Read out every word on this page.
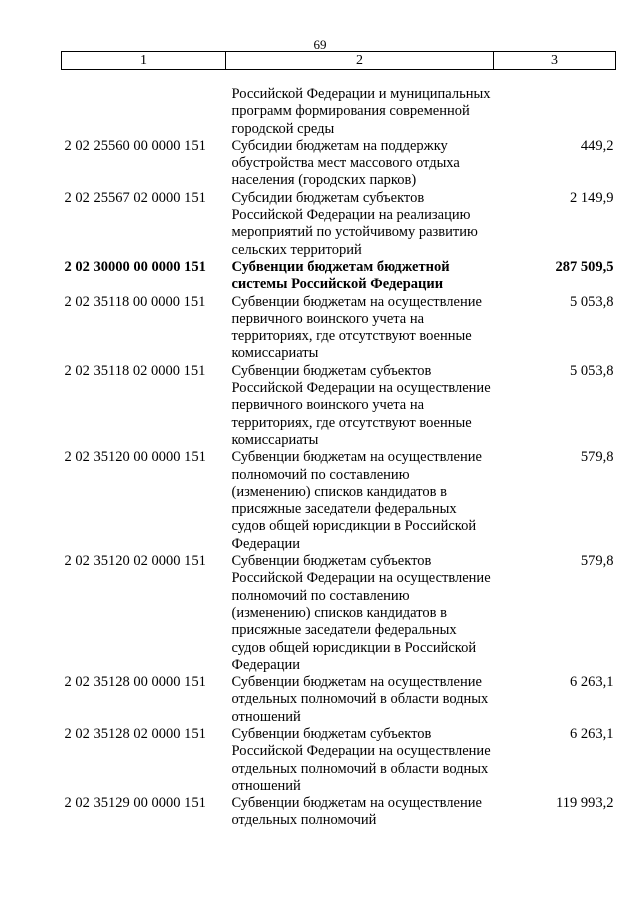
69
1	2	3

	Российской Федерации и муниципальных программ формирования современной городской среды	
2 02 25560 00 0000 151	Субсидии бюджетам на поддержку обустройства мест массового отдыха населения (городских парков)	449,2
2 02 25567 02 0000 151	Субсидии бюджетам субъектов Российской Федерации на реализацию мероприятий по устойчивому развитию сельских территорий	2 149,9
2 02 30000 00 0000 151	Субвенции бюджетам бюджетной системы Российской Федерации	287 509,5
2 02 35118 00 0000 151	Субвенции бюджетам на осуществление первичного воинского учета на территориях, где отсутствуют военные комиссариаты	5 053,8
2 02 35118 02 0000 151	Субвенции бюджетам субъектов Российской Федерации на осуществление первичного воинского учета на территориях, где отсутствуют военные комиссариаты	5 053,8
2 02 35120 00 0000 151	Субвенции бюджетам на осуществление полномочий по составлению (изменению) списков кандидатов в присяжные заседатели федеральных судов общей юрисдикции в Российской Федерации	579,8
2 02 35120 02 0000 151	Субвенции бюджетам субъектов Российской Федерации на осуществление полномочий по составлению (изменению) списков кандидатов в присяжные заседатели федеральных судов общей юрисдикции в Российской Федерации	579,8
2 02 35128 00 0000 151	Субвенции бюджетам на осуществление отдельных полномочий в области водных отношений	6 263,1
2 02 35128 02 0000 151	Субвенции бюджетам субъектов Российской Федерации на осуществление отдельных полномочий в области водных отношений	6 263,1
2 02 35129 00 0000 151	Субвенции бюджетам на осуществление отдельных полномочий	119 993,2
